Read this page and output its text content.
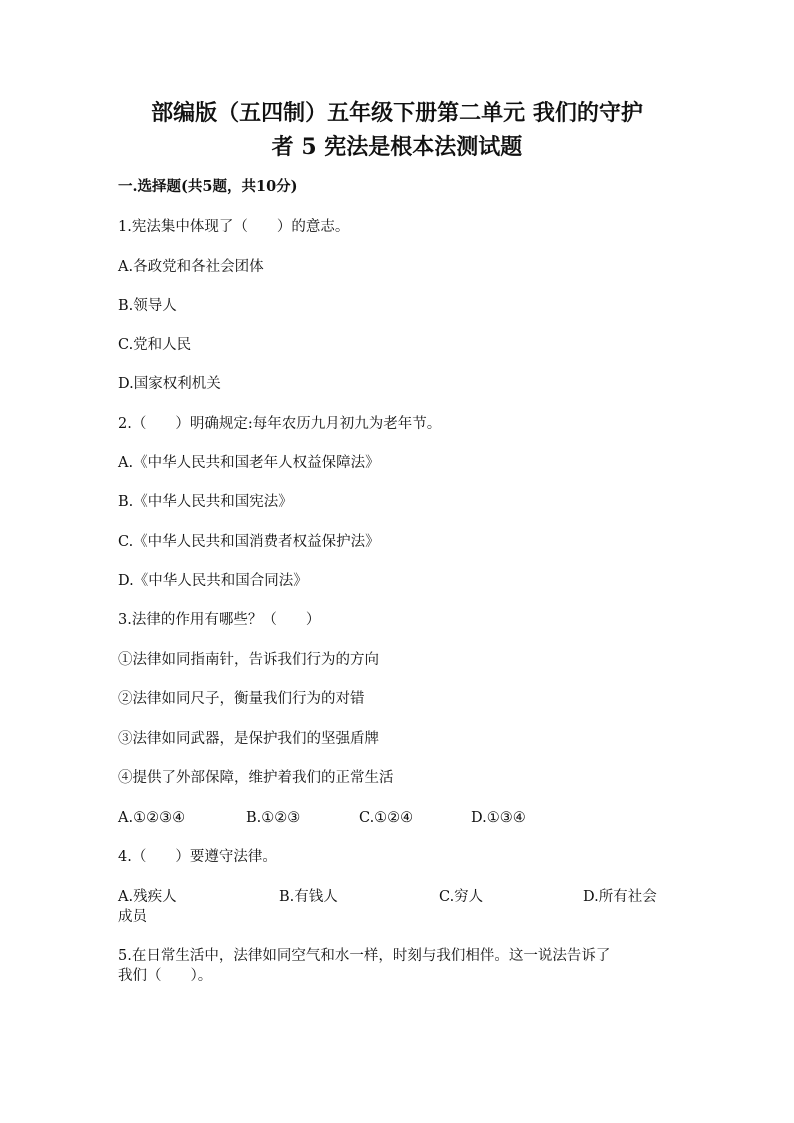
部编版（五四制）五年级下册第二单元 我们的守护
者 5 宪法是根本法测试题
一.选择题(共5题，共10分)
1.宪法集中体现了（　　）的意志。
A.各政党和各社会团体
B.领导人
C.党和人民
D.国家权利机关
2.（　　）明确规定:每年农历九月初九为老年节。
A.《中华人民共和国老年人权益保障法》
B.《中华人民共和国宪法》
C.《中华人民共和国消费者权益保护法》
D.《中华人民共和国合同法》
3.法律的作用有哪些？（　　）
①法律如同指南针，告诉我们行为的方向
②法律如同尺子，衡量我们行为的对错
③法律如同武器，是保护我们的坚强盾牌
④提供了外部保障，维护着我们的正常生活
A.①②③④	B.①②③	C.①②④	D.①③④
4.（　　）要遵守法律。
A.残疾人	B.有钱人	C.穷人	D.所有社会
成员
5.在日常生活中，法律如同空气和水一样，时刻与我们相伴。这一说法告诉了
我们（　　）。
